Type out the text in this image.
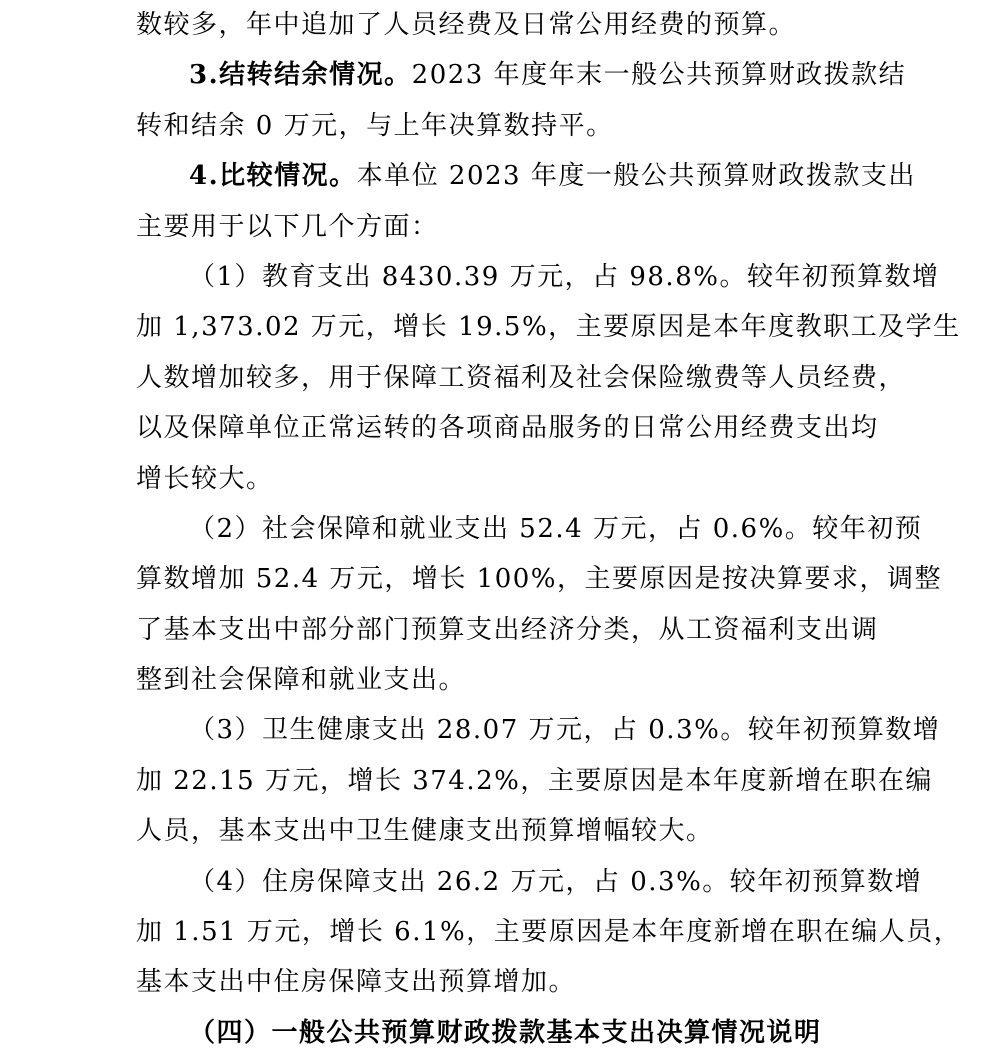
数较多，年中追加了人员经费及日常公用经费的预算。
3.结转结余情况。2023 年度年末一般公共预算财政拨款结
转和结余 0 万元，与上年决算数持平。
4.比较情况。本单位 2023 年度一般公共预算财政拨款支出
主要用于以下几个方面：
（1）教育支出 8430.39 万元，占 98.8%。较年初预算数增
加 1,373.02 万元，增长 19.5%，主要原因是本年度教职工及学生
人数增加较多，用于保障工资福利及社会保险缴费等人员经费，
以及保障单位正常运转的各项商品服务的日常公用经费支出均
增长较大。
（2）社会保障和就业支出 52.4 万元，占 0.6%。较年初预
算数增加 52.4 万元，增长 100%，主要原因是按决算要求，调整
了基本支出中部分部门预算支出经济分类，从工资福利支出调
整到社会保障和就业支出。
（3）卫生健康支出 28.07 万元，占 0.3%。较年初预算数增
加 22.15 万元，增长 374.2%，主要原因是本年度新增在职在编
人员，基本支出中卫生健康支出预算增幅较大。
（4）住房保障支出 26.2 万元，占 0.3%。较年初预算数增
加 1.51 万元，增长 6.1%，主要原因是本年度新增在职在编人员，
基本支出中住房保障支出预算增加。
（四）一般公共预算财政拨款基本支出决算情况说明
